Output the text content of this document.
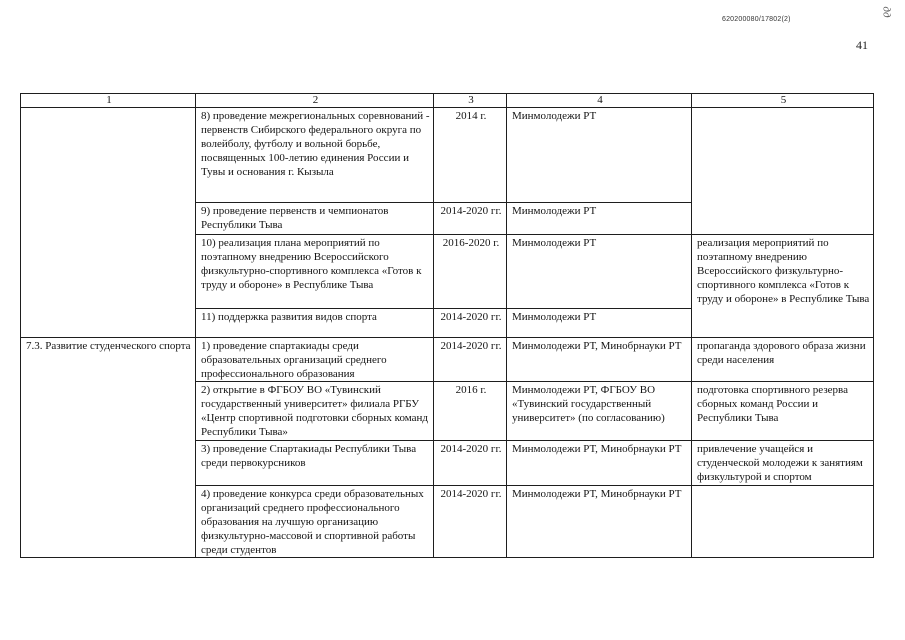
620200080/17802(2)
дд
41
1	2	3	4	5
	8) проведение межрегиональных соревнований - первенств Сибирского федерального округа по волейболу, футболу и вольной борьбе, посвященных 100-летию единения России и Тувы и основания г. Кызыла	2014 г.	Минмолодежи РТ	
	9) проведение первенств и чемпионатов Республики Тыва	2014-2020 гг.	Минмолодежи РТ	
	10) реализация плана мероприятий по поэтапному внедрению Всероссийского физкультурно-спортивного комплекса «Готов к труду и обороне» в Республике Тыва	2016-2020 г.	Минмолодежи РТ	реализация мероприятий по поэтапному внедрению Всероссийского физкультурно-спортивного комплекса «Готов к труду и обороне» в Республике Тыва
	11) поддержка развития видов спорта	2014-2020 гг.	Минмолодежи РТ	
7.3. Развитие студенческого спорта	1) проведение спартакиады среди образовательных организаций среднего профессионального образования	2014-2020 гг.	Минмолодежи РТ, Минобрнауки РТ	пропаганда здорового образа жизни среди населения
	2) открытие в ФГБОУ ВО «Тувинский государственный университет» филиала РГБУ «Центр спортивной подготовки сборных команд Республики Тыва»	2016 г.	Минмолодежи РТ, ФГБОУ ВО «Тувинский государственный университет» (по согласованию)	подготовка спортивного резерва сборных команд России и Республики Тыва
	3) проведение Спартакиады Республики Тыва среди первокурсников	2014-2020 гг.	Минмолодежи РТ, Минобрнауки РТ	привлечение учащейся и студенческой молодежи к занятиям физкультурой и спортом
	4) проведение конкурса среди образовательных организаций среднего профессионального образования на лучшую организацию физкультурно-массовой и спортивной работы среди студентов	2014-2020 гг.	Минмолодежи РТ, Минобрнауки РТ	
